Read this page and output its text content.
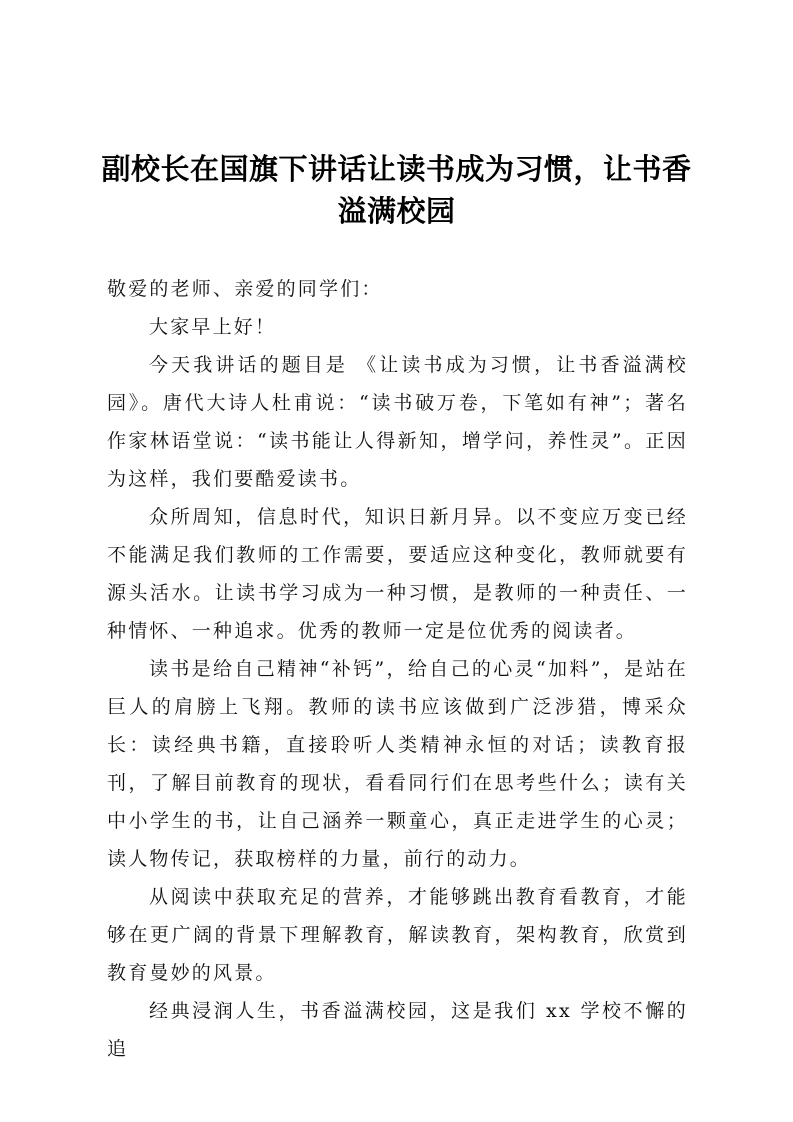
副校长在国旗下讲话让读书成为习惯，让书香溢满校园

敬爱的老师、亲爱的同学们：

大家早上好！

今天我讲话的题目是 《让读书成为习惯，让书香溢满校园》。唐代大诗人杜甫说：“读书破万卷，下笔如有神”；著名作家林语堂说：“读书能让人得新知，增学问，养性灵”。正因为这样，我们要酷爱读书。

众所周知，信息时代，知识日新月异。以不变应万变已经不能满足我们教师的工作需要，要适应这种变化，教师就要有源头活水。让读书学习成为一种习惯，是教师的一种责任、一种情怀、一种追求。优秀的教师一定是位优秀的阅读者。

读书是给自己精神“补钙”，给自己的心灵“加料”，是站在巨人的肩膀上飞翔。教师的读书应该做到广泛涉猎，博采众长：读经典书籍，直接聆听人类精神永恒的对话；读教育报刊，了解目前教育的现状，看看同行们在思考些什么；读有关中小学生的书，让自己涵养一颗童心，真正走进学生的心灵；读人物传记，获取榜样的力量，前行的动力。

从阅读中获取充足的营养，才能够跳出教育看教育，才能够在更广阔的背景下理解教育，解读教育，架构教育，欣赏到教育曼妙的风景。

经典浸润人生，书香溢满校园，这是我们 xx 学校不懈的追
